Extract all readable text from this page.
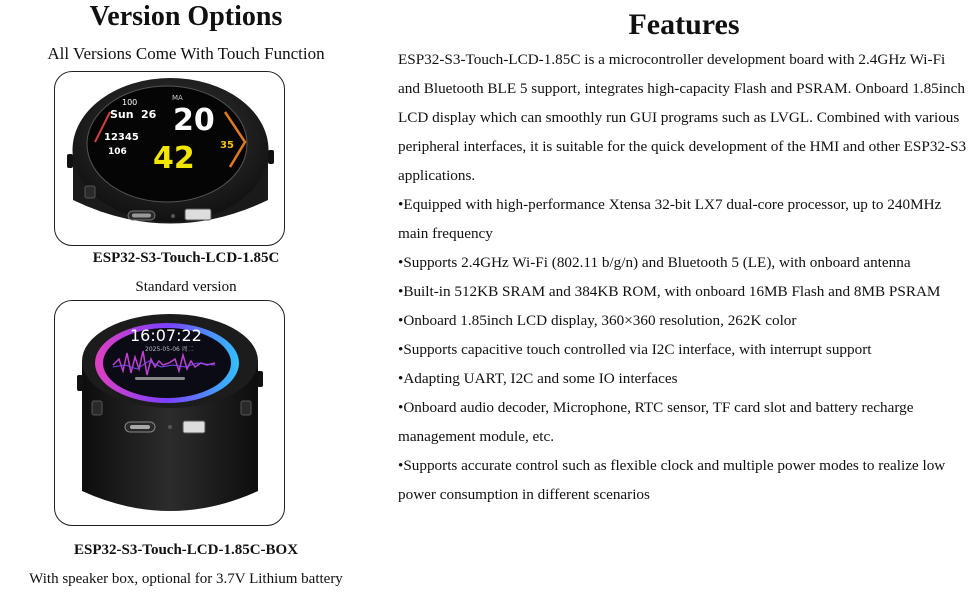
Version Options
All Versions Come With Touch Function
100
Sun 26
12345
106
MA
20
42	35
ESP32-S3-Touch-LCD-1.85C
Standard version
16:07:22
2025-05-06 周二
ESP32-S3-Touch-LCD-1.85C-BOX
With speaker box, optional for 3.7V Lithium battery
Features

ESP32-S3-Touch-LCD-1.85C is a microcontroller development board with 2.4GHz Wi-Fi and Bluetooth BLE 5 support, integrates high-capacity Flash and PSRAM. Onboard 1.85inch LCD display which can smoothly run GUI programs such as LVGL. Combined with various peripheral interfaces, it is suitable for the quick development of the HMI and other ESP32-S3 applications.

•Equipped with high-performance Xtensa 32-bit LX7 dual-core processor, up to 240MHz main frequency

•Supports 2.4GHz Wi-Fi (802.11 b/g/n) and Bluetooth 5 (LE), with onboard antenna

•Built-in 512KB SRAM and 384KB ROM, with onboard 16MB Flash and 8MB PSRAM

•Onboard 1.85inch LCD display, 360×360 resolution, 262K color

•Supports capacitive touch controlled via I2C interface, with interrupt support

•Adapting UART, I2C and some IO interfaces

•Onboard audio decoder, Microphone, RTC sensor, TF card slot and battery recharge management module, etc.

•Supports accurate control such as flexible clock and multiple power modes to realize low power consumption in different scenarios
